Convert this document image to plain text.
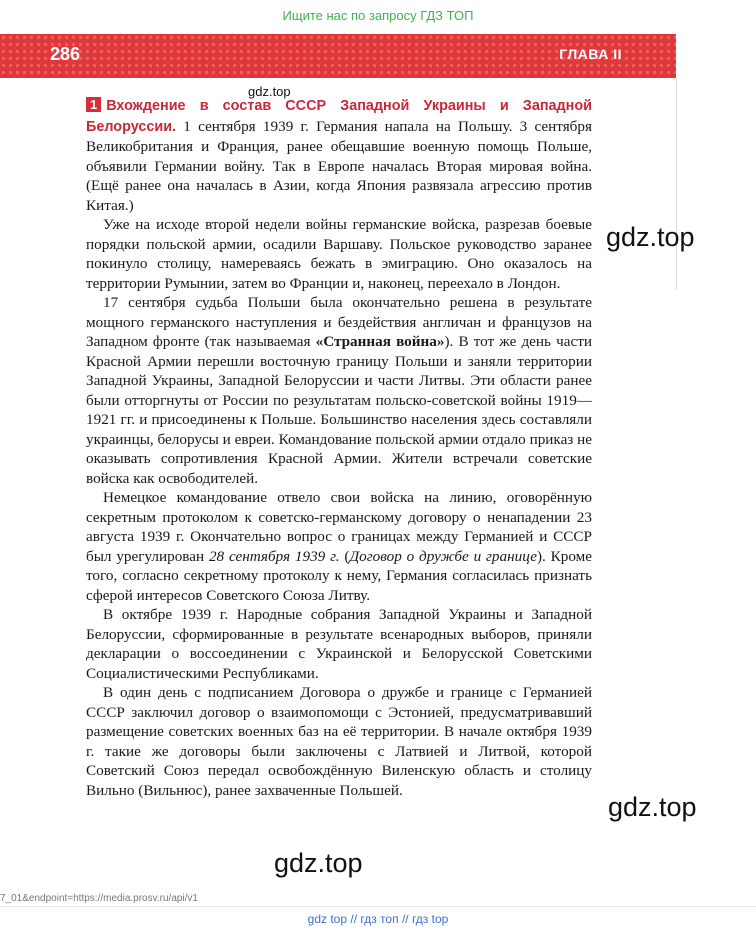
Ищите нас по запросу ГДЗ ТОП
286	ГЛАВА II
gdz.top

1 Вхождение в состав СССР Западной Украины и Западной Белоруссии. 1 сентября 1939 г. Германия напала на Польшу. 3 сентября Великобритания и Франция, ранее обещавшие военную помощь Польше, объявили Германии войну. Так в Европе началась Вторая мировая война. (Ещё ранее она началась в Азии, когда Япония развязала агрессию против Китая.)

Уже на исходе второй недели войны германские войска, разрезав боевые порядки польской армии, осадили Варшаву. Польское руководство заранее покинуло столицу, намереваясь бежать в эмиграцию. Оно оказалось на территории Румынии, затем во Франции и, наконец, переехало в Лондон.

17 сентября судьба Польши была окончательно решена в результате мощного германского наступления и бездействия англичан и французов на Западном фронте (так называемая «Странная война»). В тот же день части Красной Армии перешли восточную границу Польши и заняли территории Западной Украины, Западной Белоруссии и части Литвы. Эти области ранее были отторгнуты от России по результатам польско-советской войны 1919—1921 гг. и присоединены к Польше. Большинство населения здесь составляли украинцы, белорусы и евреи. Командование польской армии отдало приказ не оказывать сопротивления Красной Армии. Жители встречали советские войска как освободителей.

Немецкое командование отвело свои войска на линию, оговорённую секретным протоколом к советско-германскому договору о ненападении 23 августа 1939 г. Окончательно вопрос о границах между Германией и СССР был урегулирован 28 сентября 1939 г. (Договор о дружбе и границе). Кроме того, согласно секретному протоколу к нему, Германия согласилась признать сферой интересов Советского Союза Литву.

В октябре 1939 г. Народные собрания Западной Украины и Западной Белоруссии, сформированные в результате всенародных выборов, приняли декларации о воссоединении с Украинской и Белорусской Советскими Социалистическими Республиками.

В один день с подписанием Договора о дружбе и границе с Германией СССР заключил договор о взаимопомощи с Эстонией, предусматривавший размещение советских военных баз на её территории. В начале октября 1939 г. такие же договоры были заключены с Латвией и Литвой, которой Советский Союз передал освобождённую Виленскую область и столицу Вильно (Вильнюс), ранее захваченные Польшей.

gdz.top
gdz.top
gdz.top
7_01&endpoint=https://media.prosv.ru/api/v1
gdz top // гдз топ // гдз top
